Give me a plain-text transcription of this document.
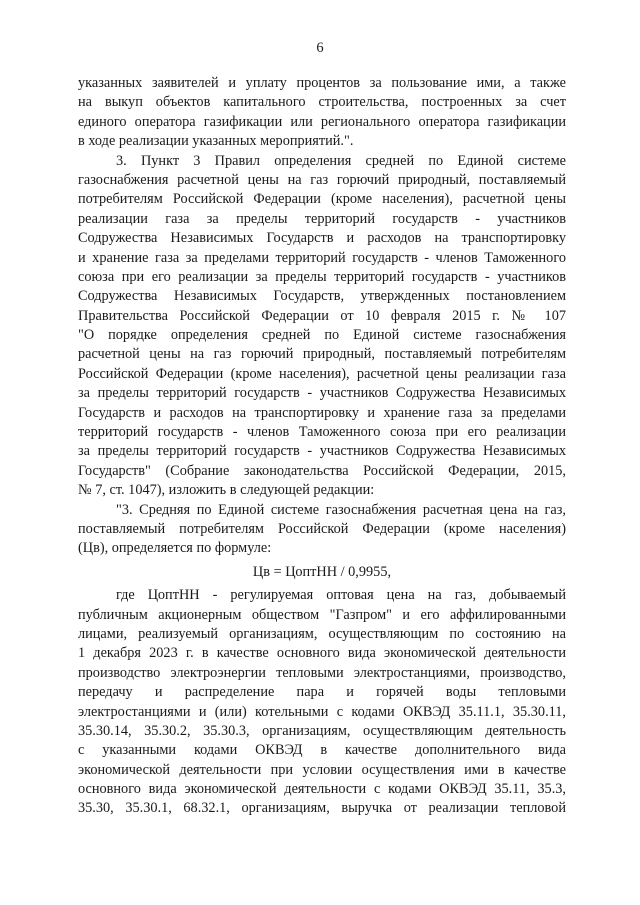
6
указанных заявителей и уплату процентов за пользование ими, а также
на выкуп объектов капитального строительства, построенных за счет
единого оператора газификации или регионального оператора газификации
в ходе реализации указанных мероприятий.".
3. Пункт 3 Правил определения средней по Единой системе
газоснабжения расчетной цены на газ горючий природный, поставляемый
потребителям Российской Федерации (кроме населения), расчетной цены
реализации газа за пределы территорий государств - участников
Содружества Независимых Государств и расходов на транспортировку
и хранение газа за пределами территорий государств - членов Таможенного
союза при его реализации за пределы территорий государств - участников
Содружества Независимых Государств, утвержденных постановлением
Правительства Российской Федерации от 10 февраля 2015 г. № 107
"О порядке определения средней по Единой системе газоснабжения
расчетной цены на газ горючий природный, поставляемый потребителям
Российской Федерации (кроме населения), расчетной цены реализации газа
за пределы территорий государств - участников Содружества Независимых
Государств и расходов на транспортировку и хранение газа за пределами
территорий государств - членов Таможенного союза при его реализации
за пределы территорий государств - участников Содружества Независимых
Государств" (Собрание законодательства Российской Федерации, 2015,
№ 7, ст. 1047), изложить в следующей редакции:
"3. Средняя по Единой системе газоснабжения расчетная цена на газ,
поставляемый потребителям Российской Федерации (кроме населения)
(Цв), определяется по формуле:
Цв = ЦоптНН / 0,9955,
где ЦоптНН - регулируемая оптовая цена на газ, добываемый
публичным акционерным обществом "Газпром" и его аффилированными
лицами, реализуемый организациям, осуществляющим по состоянию на
1 декабря 2023 г. в качестве основного вида экономической деятельности
производство электроэнергии тепловыми электростанциями, производство,
передачу и распределение пара и горячей воды тепловыми
электростанциями и (или) котельными с кодами ОКВЭД 35.11.1, 35.30.11,
35.30.14, 35.30.2, 35.30.3, организациям, осуществляющим деятельность
с указанными кодами ОКВЭД в качестве дополнительного вида
экономической деятельности при условии осуществления ими в качестве
основного вида экономической деятельности с кодами ОКВЭД 35.11, 35.3,
35.30, 35.30.1, 68.32.1, организациям, выручка от реализации тепловой
